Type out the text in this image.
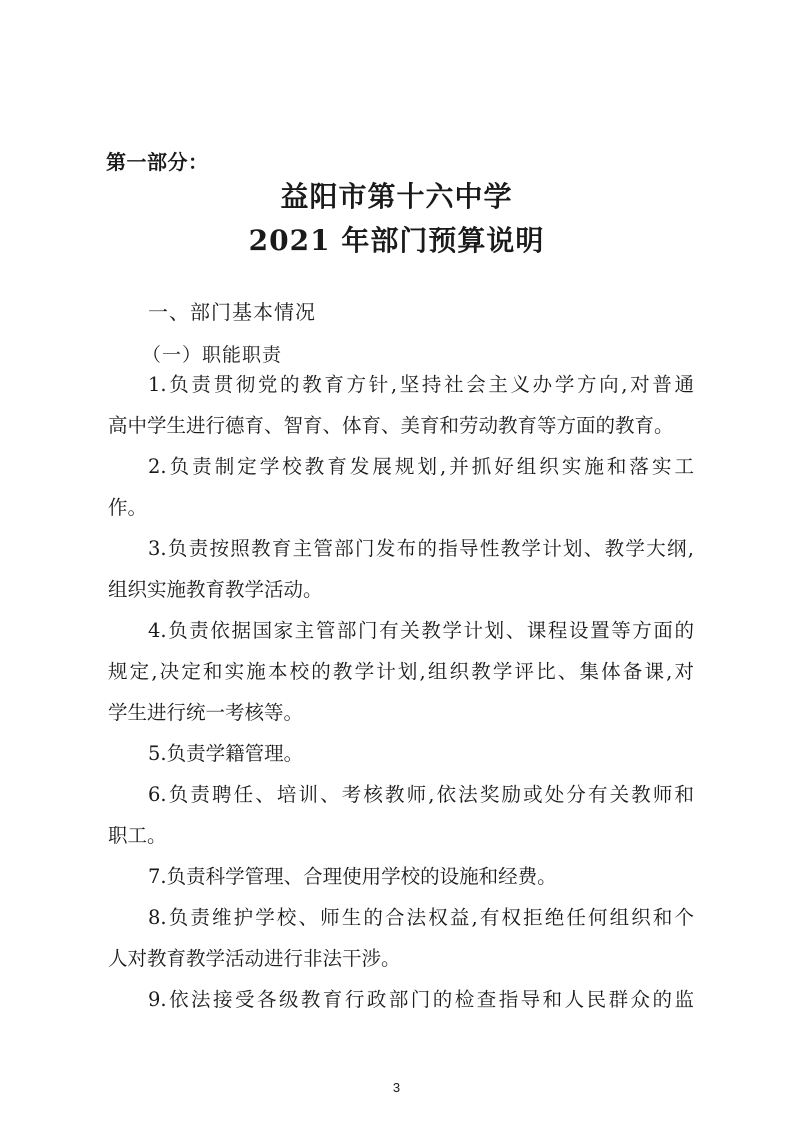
第一部分：
益阳市第十六中学
2021 年部门预算说明
一、部门基本情况
（一）职能职责
1.负责贯彻党的教育方针,坚持社会主义办学方向,对普通
高中学生进行德育、智育、体育、美育和劳动教育等方面的教育。
2.负责制定学校教育发展规划,并抓好组织实施和落实工
作。
3.负责按照教育主管部门发布的指导性教学计划、教学大纲,
组织实施教育教学活动。
4.负责依据国家主管部门有关教学计划、课程设置等方面的
规定,决定和实施本校的教学计划,组织教学评比、集体备课,对
学生进行统一考核等。
5.负责学籍管理。
6.负责聘任、培训、考核教师,依法奖励或处分有关教师和
职工。
7.负责科学管理、合理使用学校的设施和经费。
8.负责维护学校、师生的合法权益,有权拒绝任何组织和个
人对教育教学活动进行非法干涉。
9.依法接受各级教育行政部门的检查指导和人民群众的监
3
